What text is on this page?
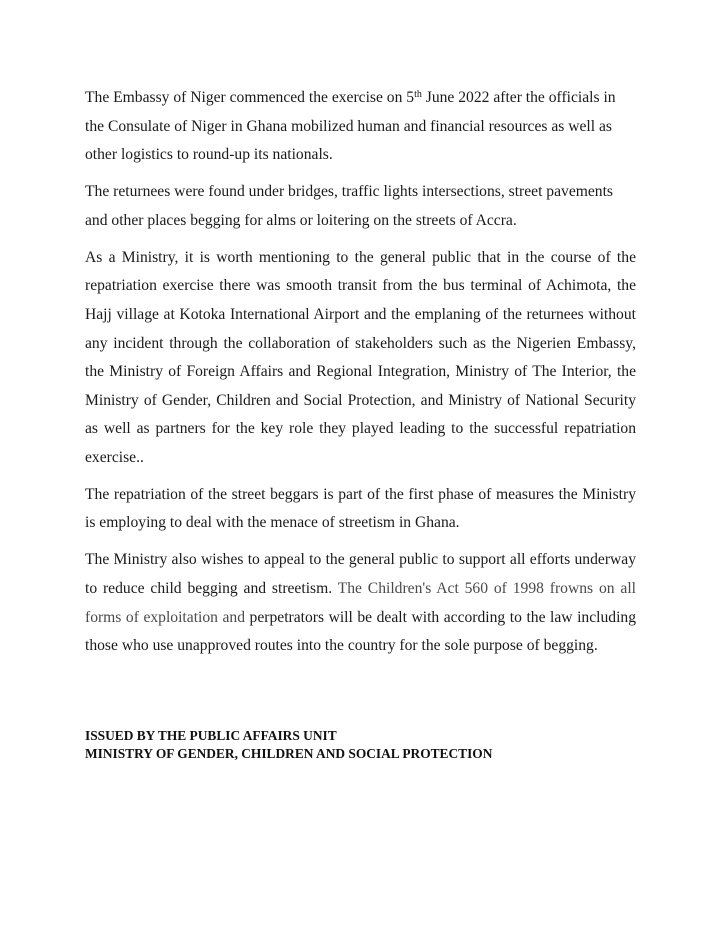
The Embassy of Niger commenced the exercise on 5th June 2022 after the officials in the Consulate of Niger in Ghana mobilized human and financial resources as well as other logistics to round-up its nationals.

The returnees were found under bridges, traffic lights intersections, street pavements and other places begging for alms or loitering on the streets of Accra.

As a Ministry, it is worth mentioning to the general public that in the course of the repatriation exercise there was smooth transit from the bus terminal of Achimota, the Hajj village at Kotoka International Airport and the emplaning of the returnees without any incident through the collaboration of stakeholders such as the Nigerien Embassy, the Ministry of Foreign Affairs and Regional Integration, Ministry of The Interior, the Ministry of Gender, Children and Social Protection, and Ministry of National Security as well as partners for the key role they played leading to the successful repatriation exercise..

The repatriation of the street beggars is part of the first phase of measures the Ministry is employing to deal with the menace of streetism in Ghana.

The Ministry also wishes to appeal to the general public to support all efforts underway to reduce child begging and streetism. The Children's Act 560 of 1998 frowns on all forms of exploitation and perpetrators will be dealt with according to the law including those who use unapproved routes into the country for the sole purpose of begging.

ISSUED BY THE PUBLIC AFFAIRS UNIT
MINISTRY OF GENDER, CHILDREN AND SOCIAL PROTECTION
